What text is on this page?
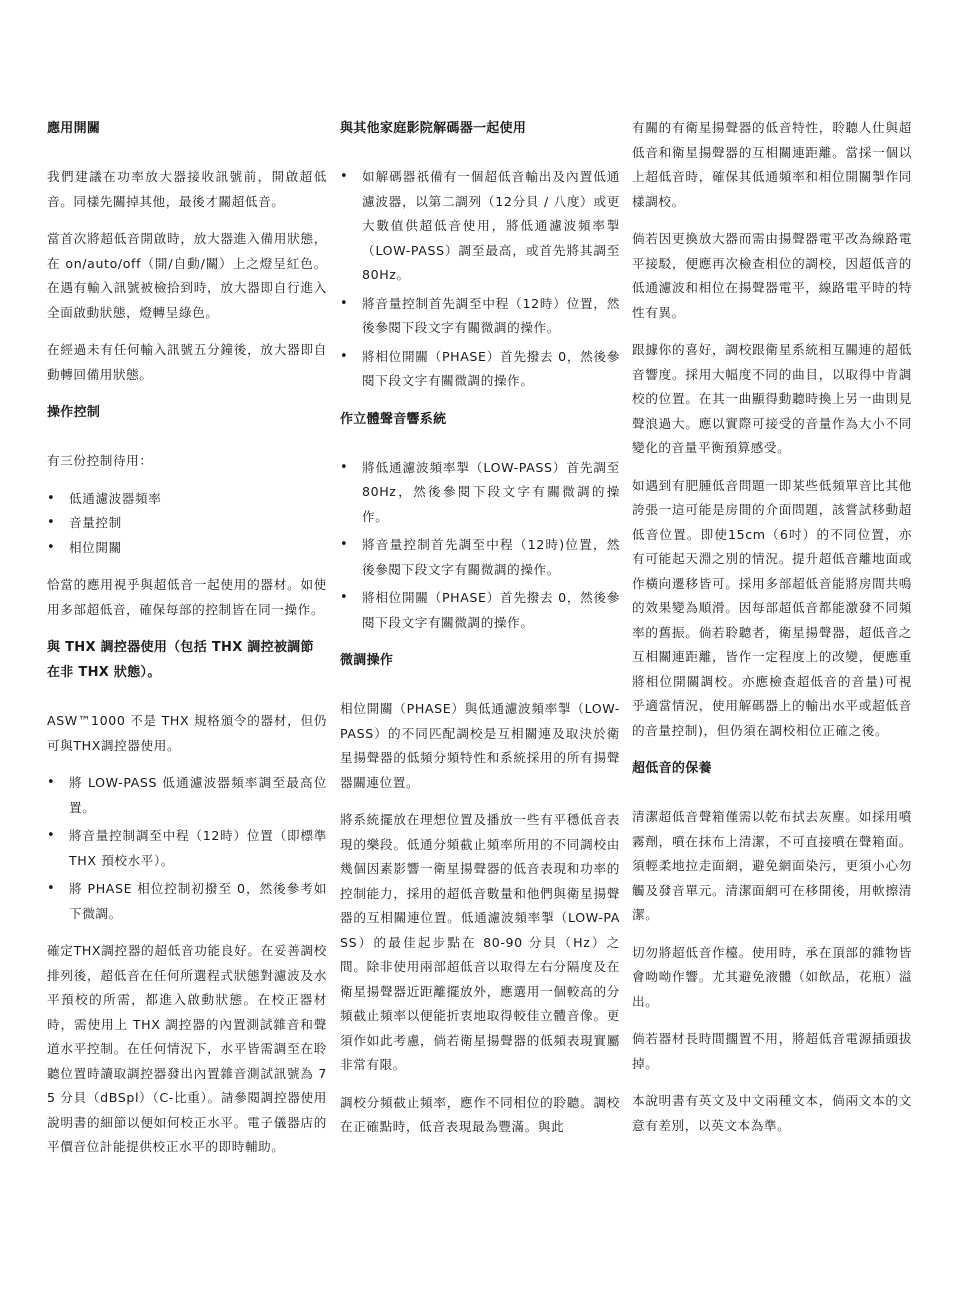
應用開關

我們建議在功率放大器接收訊號前，開啟超低音。同樣先關掉其他，最後才關超低音。

當首次將超低音開啟時，放大器進入備用狀態，在 on/auto/off（開/自動/關）上之燈呈紅色。在遇有輸入訊號被檢拾到時，放大器即自行進入全面啟動狀態，燈轉呈綠色。

在經過未有任何輸入訊號五分鐘後，放大器即自動轉回備用狀態。

操作控制

有三份控制待用：

• 低通濾波器頻率
• 音量控制
• 相位開關

恰當的應用視乎與超低音一起使用的器材。如使用多部超低音，確保每部的控制皆在同一操作。

與 THX 調控器使用（包括 THX 調控被調節在非 THX 狀態）。

ASW™1000 不是 THX 規格頒令的器材，但仍可與THX調控器使用。

• 將 LOW-PASS 低通濾波器頻率調至最高位置。
• 將音量控制調至中程（12時）位置（即標準THX 預校水平）。
• 將 PHASE 相位控制初撥至 0，然後參考如下微調。

確定THX調控器的超低音功能良好。在妥善調校排列後，超低音在任何所選程式狀態對濾波及水平預校的所需，都進入啟動狀態。在校正器材時，需使用上 THX 調控器的內置測試雜音和聲道水平控制。在任何情況下，水平皆需調至在聆聽位置時讀取調控器發出內置雜音測試訊號為 75 分貝（dBSpl）（C-比重）。請參閱調控器使用說明書的細節以便如何校正水平。電子儀器店的平價音位計能提供校正水平的即時輔助。

與其他家庭影院解碼器一起使用
• 如解碼器祇備有一個超低音輸出及內置低通濾波器，以第二調列（12分貝 / 八度）或更大數值供超低音使用，將低通濾波頻率掣（LOW-PASS）調至最高，或首先將其調至 80Hz。
• 將音量控制首先調至中程（12時）位置，然後參閱下段文字有關微調的操作。
• 將相位開關（PHASE）首先撥去 0，然後參閱下段文字有關微調的操作。
作立體聲音響系統
• 將低通濾波頻率掣（LOW-PASS）首先調至 80Hz，然後參閱下段文字有關微調的操作。
• 將音量控制首先調至中程（12時)位置，然後參閱下段文字有關微調的操作。
• 將相位開關（PHASE）首先撥去 0，然後參閱下段文字有關微調的操作。
微調操作

相位開關（PHASE）與低通濾波頻率掣（LOW-PASS）的不同匹配調校是互相關連及取決於衛星揚聲器的低頻分頻特性和系統採用的所有揚聲器關連位置。

將系統擺放在理想位置及播放一些有平穩低音表現的樂段。低通分頻截止頻率所用的不同調校由幾個因素影響一衛星揚聲器的低音表現和功率的控制能力，採用的超低音數量和他們與衛星揚聲器的互相關連位置。低通濾波頻率掣（LOW-PASS）的最佳起步點在 80-90 分貝（Hz）之間。除非使用兩部超低音以取得左右分隔度及在衛星揚聲器近距離擺放外，應選用一個較高的分頻截止頻率以便能折衷地取得較佳立體音像。更須作如此考慮，倘若衛星揚聲器的低頻表現實屬非常有限。

調校分頻截止頻率，應作不同相位的聆聽。調校在正確點時，低音表現最為豐滿。與此

有關的有衛星揚聲器的低音特性，聆聽人仕與超低音和衛星揚聲器的互相關連距離。當採一個以上超低音時，確保其低通頻率和相位開關掣作同樣調校。

倘若因更換放大器而需由揚聲器電平改為線路電平接駁，便應再次檢查相位的調校，因超低音的低通濾波和相位在揚聲器電平，線路電平時的特性有異。

跟據你的喜好，調校跟衛星系統相互關連的超低音響度。採用大幅度不同的曲目，以取得中肯調校的位置。在其一曲顯得動聽時換上另一曲則見聲浪過大。應以實際可接受的音量作為大小不同變化的音量平衡預算感受。

如遇到有肥腫低音問題一即某些低頻單音比其他誇張一這可能是房間的介面問題，該嘗試移動超低音位置。即使15cm（6吋）的不同位置，亦有可能起天淵之別的情況。提升超低音離地面或作橫向遷移皆可。採用多部超低音能將房間共鳴的效果變為順滑。因每部超低音都能激發不同頻率的舊振。倘若聆聽者，衛星揚聲器，超低音之互相關連距離，皆作一定程度上的改變，便應重將相位開關調校。亦應檢查超低音的音量)可視乎適當情況，使用解碼器上的輸出水平或超低音的音量控制)，但仍須在調校相位正確之後。

超低音的保養

清潔超低音聲箱僅需以乾布拭去灰塵。如採用噴霧劑，噴在抹布上清潔，不可直接噴在聲箱面。須輕柔地拉走面網，避免網面染污，更須小心勿觸及發音單元。清潔面網可在移開後，用軟擦清潔。

切勿將超低音作檯。使用時，承在頂部的雜物皆會呦呦作響。尤其避免液體（如飲品，花瓶）溢出。

倘若器材長時間擱置不用，將超低音電源插頭拔掉。

本說明書有英文及中文兩種文本，倘兩文本的文意有差別，以英文本為準。
